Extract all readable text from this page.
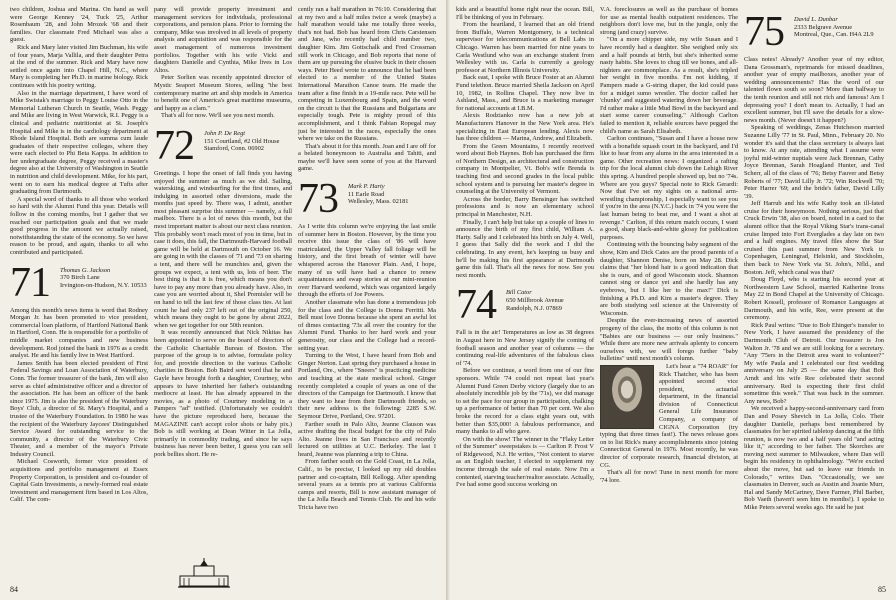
two children, Joshua and Marina. On hand as well were George Kenney '24, Tuck '25, Arthur Rosenbaum '28, and John Mrozek '68 and their families. Our classmate Fred Michael was also a guest.

Rick and Mary later visited Jim Buchman, his wife of four years, Marja Vallila, and their daughter Petra at the end of the summer. Rick and Mary have now settled once again into Chapel Hill, N.C., where Mary is completing her Ph.D. in marine biology. Rick continues with his poetry writing.

Also in the marriage department, I have word of Mike Swistak's marriage to Peggy Louise Otto in the Memorial Lutheran Church in Seattle, Wash. Peggy and Mike are living in West Warwick, R.I. Peggy is a clinical and pediatric nutritionist at St. Joseph's Hospital and Mike is in the cardiology department at Rhode Island Hospital. Both are summa cum laude graduates of their respective colleges, where they were each elected to Phi Beta Kappa. In addition to her undergraduate degree, Peggy received a master's degree also at the University of Washington in Seattle in nutrition and child development. Mike, for his part, went on to earn his medical degree at Tufts after graduating from Dartmouth.

A special word of thanks to all those who worked so hard with the Alumni Fund this year. Details will follow in the coming months, but I gather that we reached our participation goals and that we made good progress in the amount we actually raised, notwithstanding the state of the economy. So we have reason to be proud, and again, thanks to all who contributed and participated.

71	Thomas G. Jackson
370 Birch Lane
Irvington-on-Hudson, N.Y. 10533

Among this month's news items is word that Rodney Morgan Jr. has been promoted to vice president, commercial loan platform, of Hartford National Bank in Hartford, Conn. He is responsible for a portfolio of middle market companies and new business development. Rod joined the bank in 1976 as a credit analyst. He and his family live in West Hartford.

James Smith has been elected president of First Federal Savings and Loan Association of Waterbury, Conn. The former treasurer of the bank, Jim will also serve as chief administrative officer and a director of the association. He has been an officer of the bank since 1975. Jim is also the president of the Waterbury Boys' Club, a director of St. Mary's Hospital, and a trustee of the Waterbury Foundation. In 1980 he was the recipient of the Waterbury Jaycees' Distinguished Service Award for outstanding service to the community, a director of the Waterbury Civic Theater, and a member of the mayor's Private Industry Council.

Michael Cosworth, former vice president of acquisitions and portfolio management at Essex Property Corporation, is president and co-founder of Capital Gain Investments, a newly-formed real estate investment and management firm based in Los Altos, Calif. The com-

pany will provide property investment and management services for individuals, professional corporations, and pension plans. Prior to forming the company, Mike was involved in all levels of property analysis and acquisition and was responsible for the asset management of numerous investment portfolios. Together with his wife Vicki and daughters Danielle and Cynthia, Mike lives in Los Altos.

Peter Sorlien was recently appointed director of Mystic Seaport Museum Stores, selling "the best contemporary marine art and ship models in America to benefit one of America's great maritime museums, and happy as a clam."

That's all for now. We'll see you next month.

72	John P. De Regt
151 Courtland, #2 Old House
Stamford, Conn. 06902

Greetings. I hope the onset of fall finds you having enjoyed the summer as much as we did. Sailing, waterskiing, and windsurfing for the first times, and indulging in assorted other diversions, made the months just speed by. There was, I admit, another most pleasant surprise this summer — namely, a full mailbox. There is a lot of news this month, but the most important matter is about our next class reunion. This probably won't reach most of you in time, but in case it does, this fall, the Dartmouth-Harvard football game will be held at Dartmouth on October 16. We are going in with the classes of '71 and '73 on sharing a tent, and there will be munchies and, given the groups we expect, a tent with us, lots of beer. The best thing is that it is free, which means you don't have to pay any more than you already have. Also, in case you are worried about it, Shel Premisler will be on hand to tell the last few of those class ties. At last count he had only 237 left out of the original 250, which means they ought to be gone by about 2022, when we get together for our 50th reunion.

It was recently announced that Nick Nikitas has been appointed to serve on the board of directors of the Catholic Charitable Bureau of Boston. The purpose of the group is to advise, formulate policy for, and provide direction to the various Catholic charities in Boston. Bob Baird sent word that he and Gayle have brought forth a daughter, Courtney, who appears to have inherited her father's outstanding mediocre at least. He has already appeared in the movies, as a photo of Courtney modeling in a Pampers "ad" testified. (Unfortunately we couldn't have the picture reproduced here, because the MAGAZINE can't accept color shots or baby pix.) Bob is still working at Dean Witter in La Jolla, primarily in commodity trading, and since he says business has never been better, I guess you can sell pork bellies short. He re-

cently ran a half marathon in 76:10. Considering that at my two and a half miles twice a week (maybe) a half marathon would take me totally three weeks, that's not bad. Bob has heard from Chris Carstensen and Jane, who recently had child number two, daughter Kim. Jim Gottschalk and Fred Crossman still work in Chicago, and Bob reports that none of them are up pursuing the elusive buck in their chosen ways. Peter Heed wrote to announce that he had been elected to a member of the United States International Marathon Canoe team. He made the team after a fine finish in a 19-mile race. Pete will be competing in Luxembourg and Spain, and the word on the circuit is that the Russians and Bulgarians are especially tough. Pete is mighty proud of this accomplishment, and I think Fabian Ropegal may just be interested in the races, especially the ones where we take on the Russians.

That's about it for this month. Joan and I are off for a belated honeymoon to Australia and Tahiti, and maybe we'll have seen some of you at the Harvard game.

73	Mark P. Harty
11 Earle Road
Wellesley, Mass. 02181

As I write this column we're enjoying the last smile of summer here in Boston. However, by the time you receive this issue the class of '86 will have matriculated, the Upper Valley fall foliage will be history, and the first breath of winter will have whispered across the Hanover Plain. And, I hope, many of us will have had a chance to renew acquaintances and swap stories at our mini-reunion over Harvard weekend, which was organized largely through the efforts of Joe Powers.

Another classmate who has done a tremendous job for the class and the College is Donna Ferritti. Ma Bell must love Donna because she spent an awful lot of dimes contacting '73s all over the country for the Alumni Fund. Thanks to her hard work and your generosity, our class and the College had a record-setting year.

Turning to the West, I have heard from Bob and Ginger Norton. Last spring they purchased a house in Portland, Ore., where "Sneers" is practicing medicine and teaching at the state medical school. Ginger recently completed a couple of years as one of the directors of the Campaign for Dartmouth. I know that they want to hear from their Dartmouth friends, so their new address is the following: 2285 S.W. Seymour Drive, Portland, Ore. 97201.

Farther south in Palo Alto, Jeanne Clauson was active drafting the fiscal budget for the city of Palo Alto. Jeanne lives in San Francisco and recently lectured on utilities at U.C. Berkeley. The last I heard, Jeanne was planning a trip to China.

From farther south on the Gold Coast, in La Jolla, Calif., to be precise, I looked up my old doubles partner and co-captain, Bill Kellogg. After spending several years as a tennis pro at various California camps and resorts, Bill is now assistant manager of the La Jolla Beach and Tennis Club. He and his wife Tricia have two

84

kids and a beautiful home right near the ocean. Bill, I'll be thinking of you in February.

From the heartland, I learned that an old friend from Buffalo, Warren Montgomery, is a technical supervisor for telecommunications at Bell Labs in Chicago. Warren has been married for nine years to Carla Westlund who was an exchange student from Wellesley with us. Carla is currently a geology professor at Northern Illinois University.

Back east, I spoke with Bruce Foster at an Alumni Fund telethon. Bruce married Sheila Jackson on April 10, 1982, in Rollins Chapel. They now live in Ashland, Mass., and Bruce is a marketing manager for national accounts at I.B.M.

Alexis Rodzianko now has a new job at Manufacturers Hanover in the New York area. He's specializing in East European lending. Alexis now has three children — Marina, Andrew, and Elizabeth.

From the Green Mountains, I recently received word about Bob Haynes. Bob has purchased the firm of Northern Design, an architectural and construction company in Montpelier, Vt. Bob's wife Brenda is teaching first and second grades in the local public school system and is pursuing her master's degree in counseling at the University of Vermont.

Across the border, Barry Bensinger has switched professions and is now an elementary school principal in Manchester, N.H.

Finally, I can't help but take up a couple of lines to announce the birth of my first child, William A. Harty. Sally and I celebrated his birth on July 4. Well, I guess that Sally did the work and I did the celebrating. In any event, he's keeping us busy and he'll be making his first appearance at Dartmouth game this fall. That's all the news for now. See you next month.

74	Bill Cator
650 Millbrook Avenue
Randolph, N.J. 07869

Fall is in the air! Temperatures as low as 38 degrees in August here in New Jersey signify the coming of football season and another year of columns — the continuing real-life adventures of the fabulous class of '74.

Before we continue, a word from one of our fine sponsors. While '74 could not repeat last year's Alumni Fund Green Derby victory (largely due to an absolutely incredible job by the '71s), we did manage to set the pace for our group in participation, chalking up a performance of better than 70 per cent. We also broke the record for a class eight years out, with better than $35,000! A fabulous performance, and many thanks to all who gave.

On with the show! The winner in the "Flaky Letter of the Summer" sweepstakes is — Carlton P. Frost V of Ridgewood, N.J. He writes, "Not content to starve as an English teacher, I elected to supplement my income through the sale of real estate. Now I'm a contented, starving teacher/realtor associate. Actually, I've had some good success working on

V.A. foreclosures as well as the purchase of homes for use as mental health outpatient residences. The neighbors don't love me, but in the jungle, only the strong (and crazy) survive.

"On a more chipper side, my wife Susan and I have recently had a daughter. She weighed only six and a half pounds at birth, but she's inherited some nasty habits. She loves to chug till we bones, and all-nighters are commonplace. As a result, she's tripled her weight in five months. I'm not kidding, if Pampers made a G-string diaper, the kid could pass for a midget sumo wrestler. The doctor called her 'chunky' and suggested watering down her beverage. I'd rather make a little Mud Bowl in the backyard and start some career counseling." Although Carlton failed to mention it, reliable sources have pegged the child's name as Sarah Elisabeth.

Carlton continues, "Susan and I have a house now with a bonafide squash court in the backyard, and I'd like to hear from any alums in the area interested in a game. Other recreation news: I organized a rafting trip for the local alumni club down the Lehigh River this spring. A hundred people showed up, but no '74s. Where are you guys? Special note to Rick Gerardi: Now that I've set my sights on a national arm-wrestling championship, I especially want to see you if you're in the area (N.Y.C.) back in '74 you were the last human being to beat me, and I want a shot at revenge." Carlton, if this return match occurs, I want a good, sharp black-and-white glossy for publication purposes.

Continuing with the bouncing baby segment of the show, Kim and Dick Cates are the proud parents of a daughter, Shannon Denise, born on May 28. Dick claims that "her blond hair is a good indication that she is ours, and of good Wisconsin stock. Shannon cannot sing or dance yet and she hardly has any eyebrows, but I like her to the max!" Dick is finishing a Ph.D. and Kim a master's degree. They are both studying soil science at the University of Wisconsin.

Despite the ever-increasing news of assorted progeny of the class, the motto of this column is not "Babies are our business — our only business." While there are more new arrivals aplenty to concern ourselves with, we will forego further "baby bulletins" until next month's column.

Let's hear a "74 ROAR" for Rick Thatcher, who has been appointed second vice president, actuarial department, in the financial division of Connecticut General Life Insurance Company, a company of CIGNA Corporation (try typing that three times fast!). The news release goes on to list Rick's many accomplishments since joining Connecticut General in 1976. Most recently, he was director of corporate research, financial division, at CG.

That's all for now! Tune in next month for more '74 lore.

75	David L. Dunbar
2333 Belgrave Avenue
Montreal, Que., Can. H4A 2L9

Class notes! Already? Another year of my editor, Dana Grossman's, reprimands for missed deadlines, another year of empty mailboxes, another year of wedding announcements? Has the word of our talented flown south so soon? More than halfway to the tenth reunion and still not rich and famous! Am I depressing you? I don't mean to. Actually, I had an excellent summer, but I'll save the details for a slow-news month. (Never doesn't it happen?)

Speaking of weddings, Zenas Hutcheson married Suzanne Lilly '77 in St. Paul, Minn., February 20. No wonder it's said that the class secretary is always last to know. At any rate, attending what I assume were joyful mid-winter nuptials were Jack Brennan, Cathy Joyce Brennan, Sarah Hoagland Hunter, and Ted Scherr, all of the class of '76; Betsy Fauver and Betsy Roberts of '77; David Lilly Jr. '72; Win Rockwell '70; Peter Harrer '69; and the bride's father, David Lilly '39.

Jeff Harrub and his wife Kathy took an ill-fated cruise for their honeymoon. Nothing serious, just that Cruck Erwin '38, also on board, noted in a card to the alumni office that the Royal Viking Star's trans-canal cruise limped into Fort Everglades a day late on two and a half engines. My travel files show the Star cruised this past summer from New York to Copenhagen, Leningrad, Helsinki, and Stockholm, then back to New York via St. John's, Nfld., and Boston. Jeff, which canal was that?

Doug Floyd, who is starting his second year at Northwestern Law School, married Katherine Irons May 22 in Bond Chapel at the University of Chicago. Robert Kossell, professor of Romance Languages at Dartmouth, and his wife, Ree, were present at the ceremony.

Rick Paul writes: "Due to Bob Ehinger's transfer to New York, I have assumed the presidency of the Dartmouth Club of Detroit. Our treasurer is Jon Walton Jr. '78 and we are still looking for a secretary. "Any '75ers in the Detroit area want to volunteer?" My wife Paula and I celebrated our first wedding anniversary on July 25 — the same day that Bob Arndt and his wife Ree celebrated their second anniversary. Red is expecting their first child sometime this week." That was back in the summer. Any news, Bob?

We received a happy-second-anniversary card from Dan and Posey Shevich in La Jolla, Colo. Their daughter Danielle, perhaps best remembered by classmates for her spirited tabletop dancing at the fifth reunion, is now two and a half years old "and acting like it," according to her father. The Skorches are moving next summer to Milwaukee, where Dan will begin his residency in ophthalmology. "We're excited about the move, but sad to leave our friends in Colorado," writes Dan. "Occasionally, we see classmates in Denver, such as Austin and Joanie Murr, Hal and Sandy McCartney, Dave Farmer, Phil Barber, Bob Vaeth (haven't seen him in months!). I spoke to Mike Peters several weeks ago. He said he just

85
